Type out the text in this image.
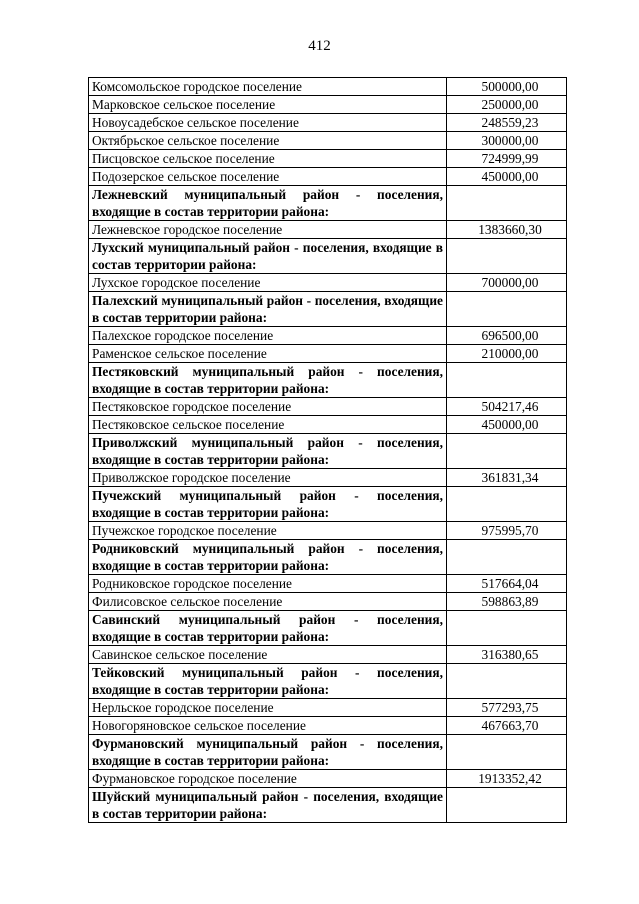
412
Комсомольское городское поселение	500000,00
Марковское сельское поселение	250000,00
Новоусадебское сельское поселение	248559,23
Октябрьское сельское поселение	300000,00
Писцовское сельское поселение	724999,99
Подозерское сельское поселение	450000,00
Лежневский муниципальный район - поселения, входящие в состав территории района:	
Лежневское городское поселение	1383660,30
Лухский муниципальный район - поселения, входящие в состав территории района:	
Лухское городское поселение	700000,00
Палехский муниципальный район - поселения, входящие в состав территории района:	
Палехское городское поселение	696500,00
Раменское сельское поселение	210000,00
Пестяковский муниципальный район - поселения, входящие в состав территории района:	
Пестяковское городское поселение	504217,46
Пестяковское сельское поселение	450000,00
Приволжский муниципальный район - поселения, входящие в состав территории района:	
Приволжское городское поселение	361831,34
Пучежский муниципальный район - поселения, входящие в состав территории района:	
Пучежское городское поселение	975995,70
Родниковский муниципальный район - поселения, входящие в состав территории района:	
Родниковское городское поселение	517664,04
Филисовское сельское поселение	598863,89
Савинский муниципальный район - поселения, входящие в состав территории района:	
Савинское сельское поселение	316380,65
Тейковский муниципальный район - поселения, входящие в состав территории района:	
Нерльское городское поселение	577293,75
Новогоряновское сельское поселение	467663,70
Фурмановский муниципальный район - поселения, входящие в состав территории района:	
Фурмановское городское поселение	1913352,42
Шуйский муниципальный район - поселения, входящие в состав территории района:	
